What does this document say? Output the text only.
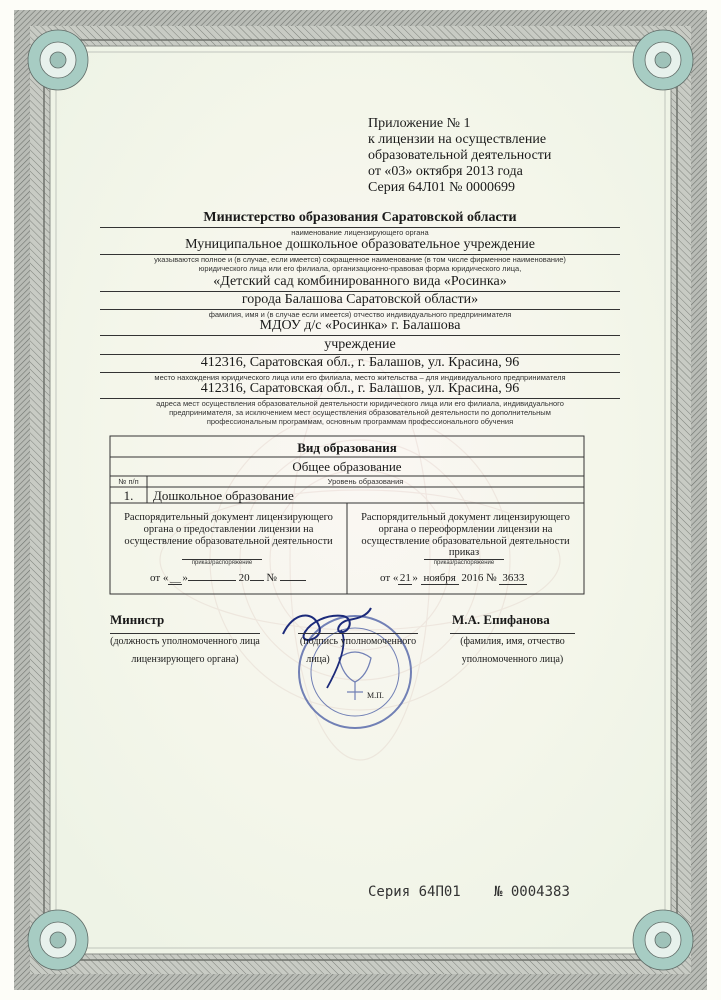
Приложение № 1
к лицензии на осуществление
образовательной деятельности
от «03» октября 2013 года
Серия 64Л01 № 0000699
Министерство образования Саратовской области
наименование лицензирующего органа
Муниципальное дошкольное образовательное учреждение
указываются полное и (в случае, если имеется) сокращенное наименование (в том числе фирменное наименование)
юридического лица или его филиала, организационно-правовая форма юридического лица,
«Детский сад комбинированного вида «Росинка»
города Балашова Саратовской области»
фамилия, имя и (в случае если имеется) отчество индивидуального предпринимателя
МДОУ д/с «Росинка» г. Балашова
учреждение
412316, Саратовская обл., г. Балашов, ул. Красина, 96
место нахождения юридического лица или его филиала, место жительства – для индивидуального предпринимателя
412316, Саратовская обл., г. Балашов, ул. Красина, 96
адреса мест осуществления образовательной деятельности юридического лица или его филиала, индивидуального
предпринимателя, за исключением мест осуществления образовательной деятельности по дополнительным
профессиональным программам, основным программам профессионального обучения
Вид образования
Общее образование
№ п/п	Уровень образования
1.	Дошкольное образование
Распорядительный документ лицензирующего
органа о предоставлении лицензии на
осуществление образовательной деятельности
приказ/распоряжение
от « __ »	20 №
Распорядительный документ лицензирующего
органа о переоформлении лицензии на
осуществление образовательной деятельности
приказ
приказ/распоряжение
от « 21 » ноября 2016 № 3633
Министр
(должность уполномоченного лица
лицензирующего органа)
М.П.
(подпись уполномоченного
лица)
М.А. Епифанова
(фамилия, имя, отчество
уполномоченного лица)
Серия 64П01 № 0004383
